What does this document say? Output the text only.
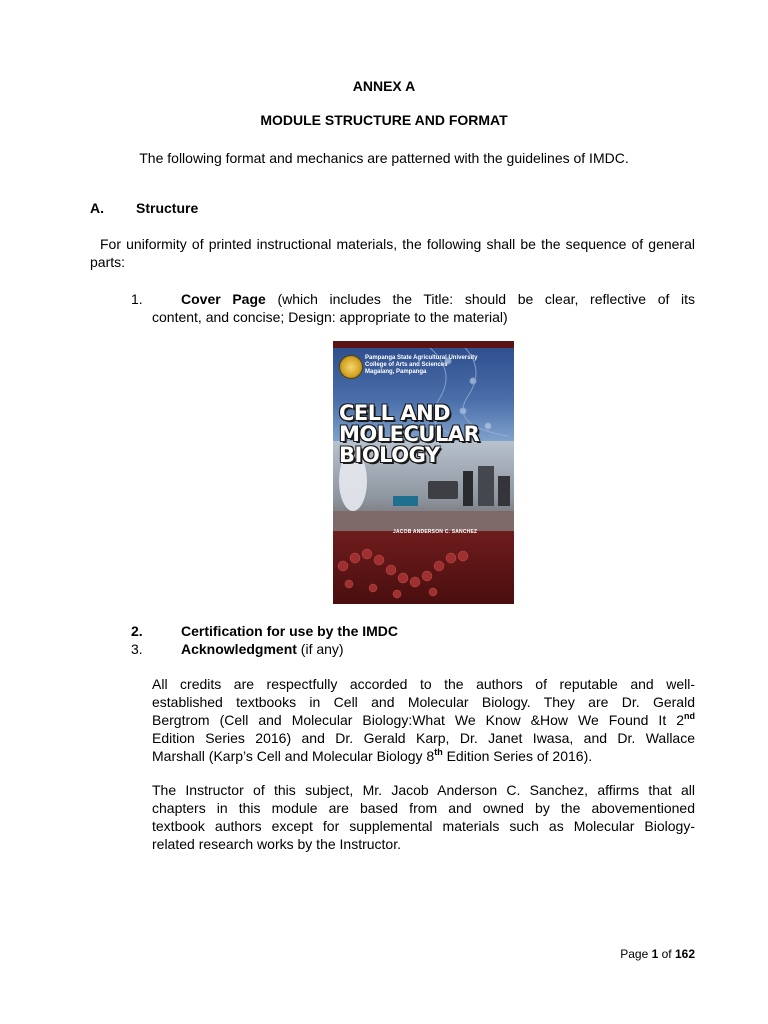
ANNEX A
MODULE STRUCTURE AND FORMAT
The following format and mechanics are patterned with the guidelines of IMDC.
A. Structure
For uniformity of printed instructional materials, the following shall be the sequence of general parts:
1.	Cover Page (which includes the Title: should be clear, reflective of its
content, and concise; Design: appropriate to the material)
Pampanga State Agricultural University
College of Arts and Sciences
Magalang, Pampanga
CELL AND
MOLECULAR
BIOLOGY
JACOB ANDERSON C. SANCHEZ
2.	Certification for use by the IMDC
3.	Acknowledgment (if any)
All credits are respectfully accorded to the authors of reputable and well-
established textbooks in Cell and Molecular Biology. They are Dr. Gerald
Bergtrom (Cell and Molecular Biology:What We Know &How We Found It 2nd
Edition Series 2016) and Dr. Gerald Karp, Dr. Janet Iwasa, and Dr. Wallace
Marshall (Karp’s Cell and Molecular Biology 8th Edition Series of 2016).
The Instructor of this subject, Mr. Jacob Anderson C. Sanchez, affirms that all
chapters in this module are based from and owned by the abovementioned
textbook authors except for supplemental materials such as Molecular Biology-
related research works by the Instructor.
Page 1 of 162
